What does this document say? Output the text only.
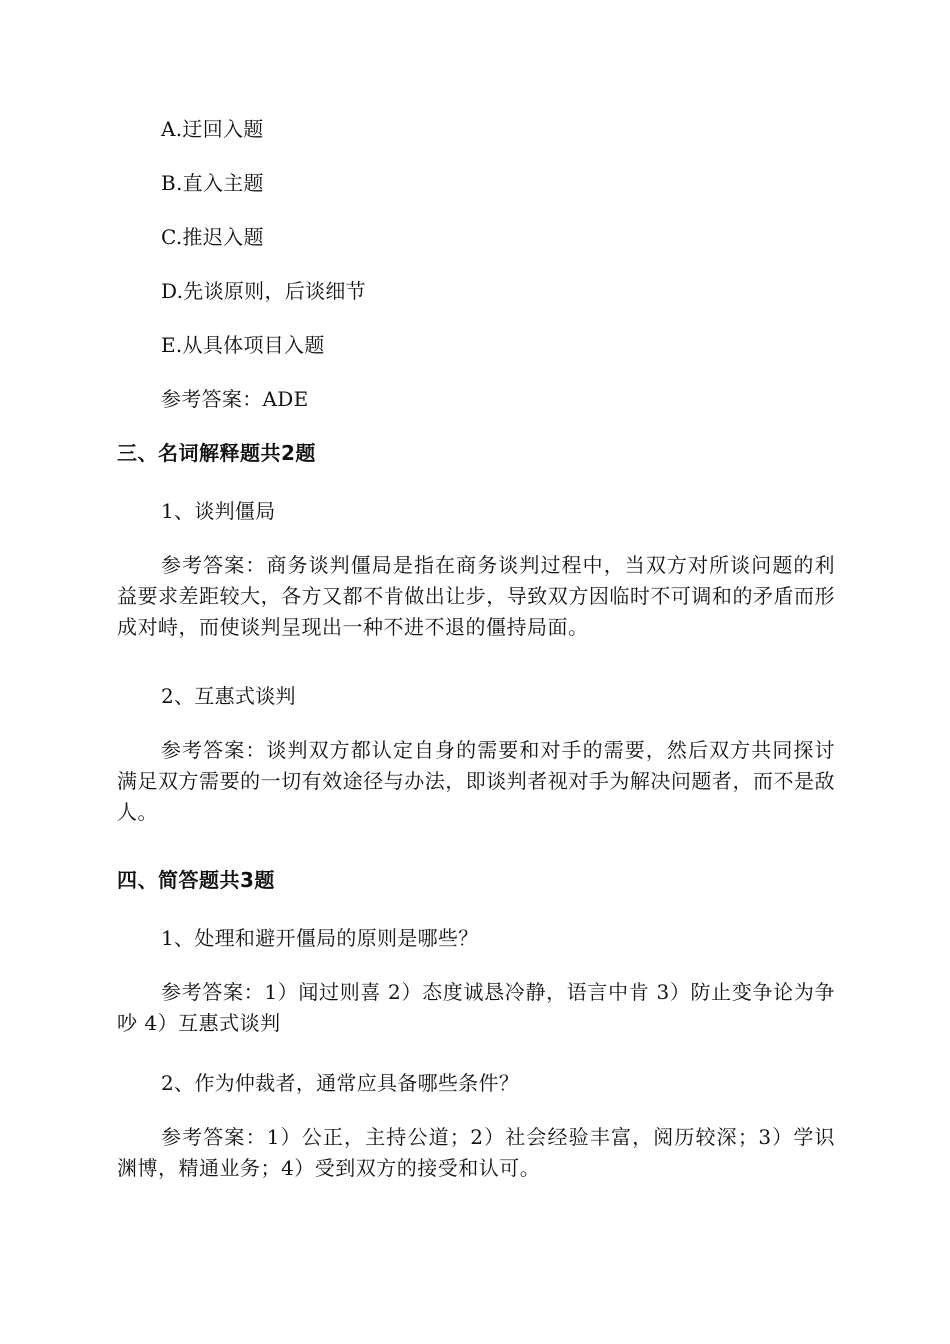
A.迂回入题

B.直入主题

C.推迟入题

D.先谈原则，后谈细节

E.从具体项目入题

参考答案：ADE

三、名词解释题共2题

1、谈判僵局

参考答案：商务谈判僵局是指在商务谈判过程中，当双方对所谈问题的利益要求差距较大，各方又都不肯做出让步，导致双方因临时不可调和的矛盾而形成对峙，而使谈判呈现出一种不进不退的僵持局面。

2、互惠式谈判

参考答案：谈判双方都认定自身的需要和对手的需要，然后双方共同探讨满足双方需要的一切有效途径与办法，即谈判者视对手为解决问题者，而不是敌人。

四、简答题共3题

1、处理和避开僵局的原则是哪些？

参考答案：1）闻过则喜 2）态度诚恳冷静，语言中肯 3）防止变争论为争吵 4）互惠式谈判

2、作为仲裁者，通常应具备哪些条件？

参考答案：1）公正，主持公道；2）社会经验丰富，阅历较深；3）学识渊博，精通业务；4）受到双方的接受和认可。
